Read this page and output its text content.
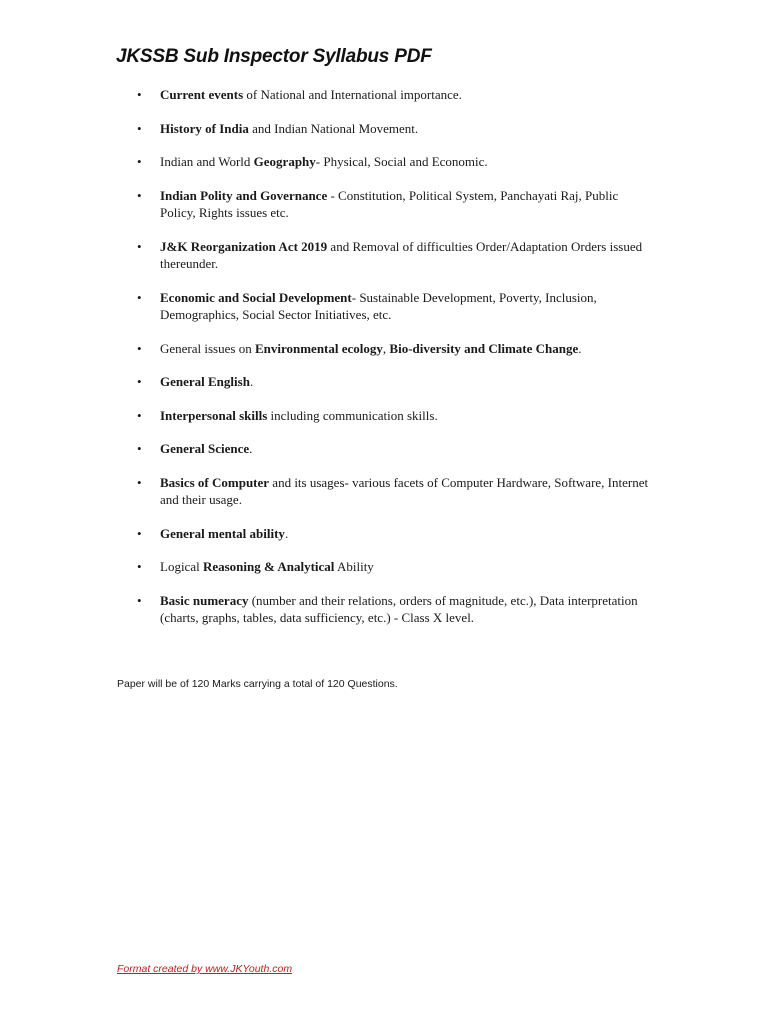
JKSSB Sub Inspector Syllabus PDF
• Current events of National and International importance.
• History of India and Indian National Movement.
• Indian and World Geography- Physical, Social and Economic.
• Indian Polity and Governance - Constitution, Political System, Panchayati Raj, Public Policy, Rights issues etc.
• J&K Reorganization Act 2019 and Removal of difficulties Order/Adaptation Orders issued thereunder.
• Economic and Social Development- Sustainable Development, Poverty, Inclusion, Demographics, Social Sector Initiatives, etc.
• General issues on Environmental ecology, Bio-diversity and Climate Change.
• General English.
• Interpersonal skills including communication skills.
• General Science.
• Basics of Computer and its usages- various facets of Computer Hardware, Software, Internet and their usage.
• General mental ability.
• Logical Reasoning & Analytical Ability
• Basic numeracy (number and their relations, orders of magnitude, etc.), Data interpretation (charts, graphs, tables, data sufficiency, etc.) - Class X level.

Paper will be of 120 Marks carrying a total of 120 Questions.

Format created by www.JKYouth.com
